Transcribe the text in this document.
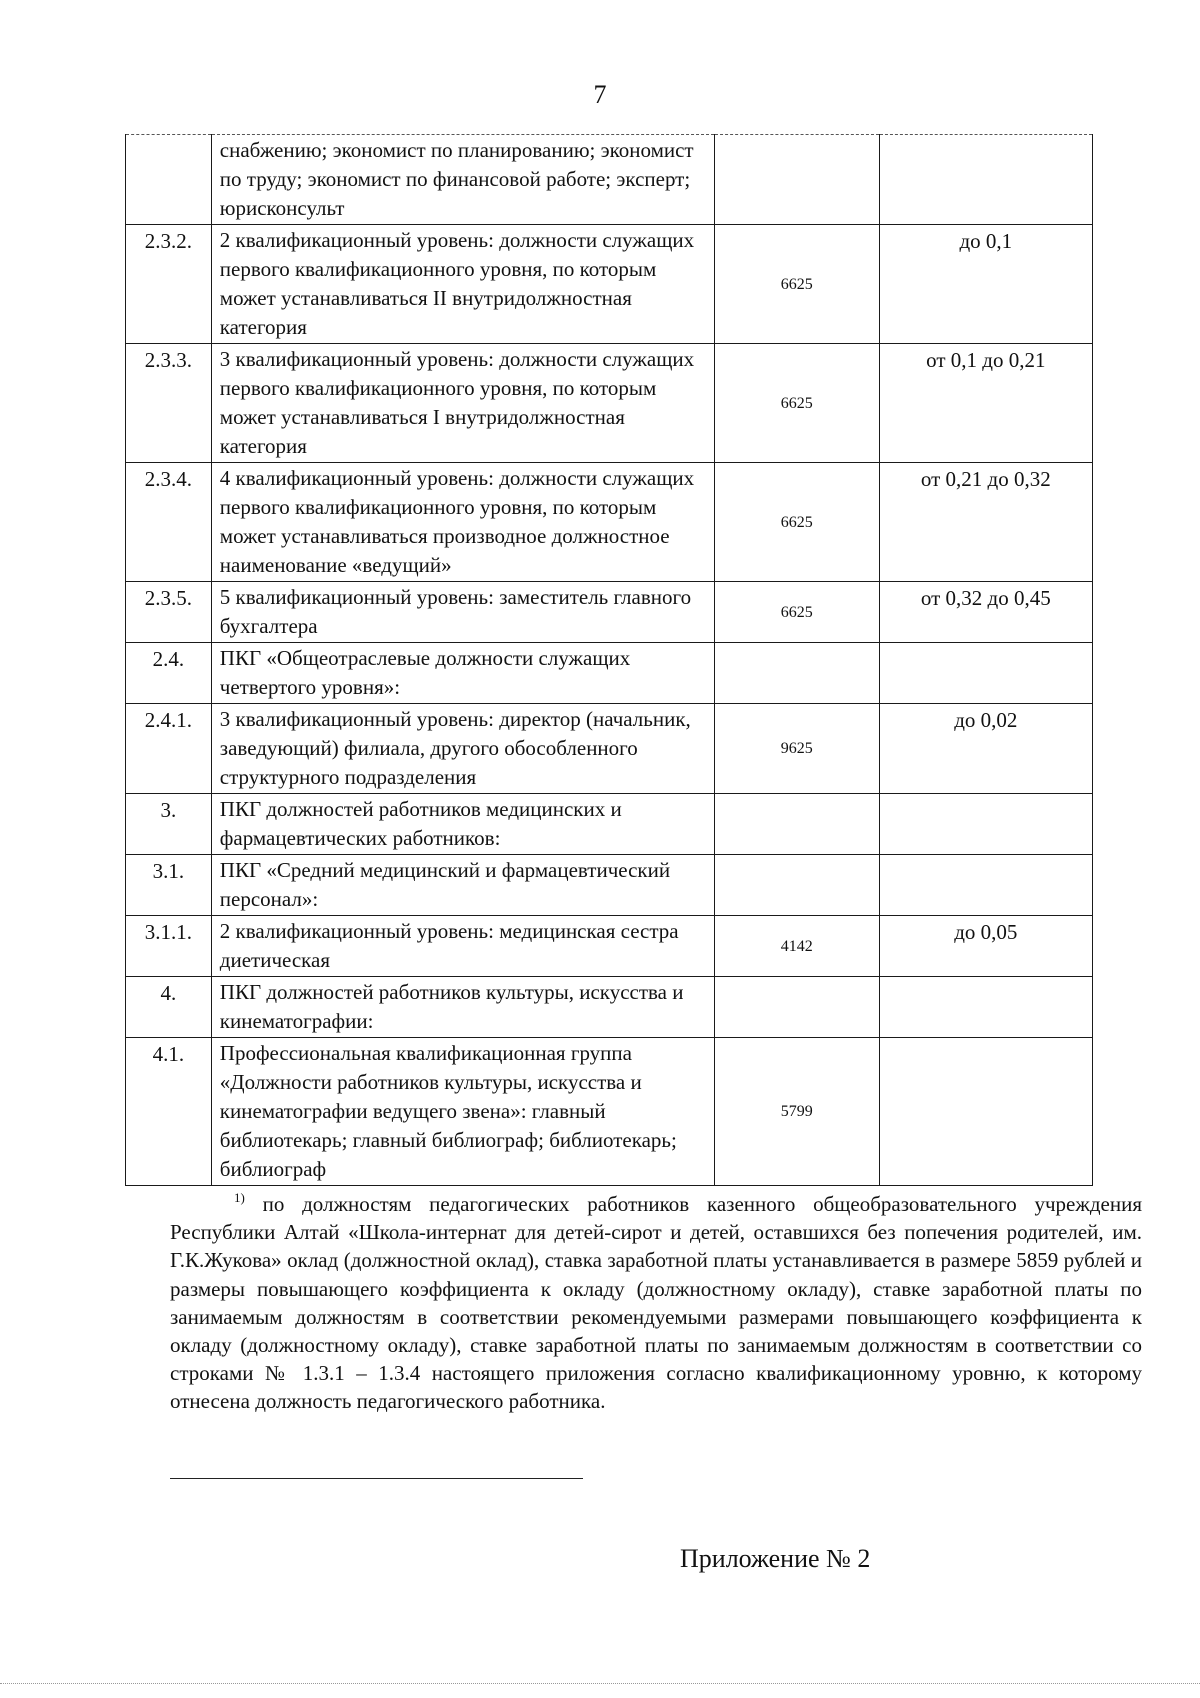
7
	снабжению; экономист по планированию; экономист по труду; экономист по финансовой работе; эксперт; юрисконсульт		
2.3.2.	2 квалификационный уровень: должности служащих первого квалификационного уровня, по которым может устанавливаться II внутридолжностная категория	6625	до 0,1
2.3.3.	3 квалификационный уровень: должности служащих первого квалификационного уровня, по которым может устанавливаться I внутридолжностная категория	6625	от 0,1 до 0,21
2.3.4.	4 квалификационный уровень: должности служащих первого квалификационного уровня, по которым может устанавливаться производное должностное наименование «ведущий»	6625	от 0,21 до 0,32
2.3.5.	5 квалификационный уровень: заместитель главного бухгалтера	6625	от 0,32 до 0,45
2.4.	ПКГ «Общеотраслевые должности служащих четвертого уровня»:		
2.4.1.	3 квалификационный уровень: директор (начальник, заведующий) филиала, другого обособленного структурного подразделения	9625	до 0,02
3.	ПКГ должностей работников медицинских и фармацевтических работников:		
3.1.	ПКГ «Средний медицинский и фармацевтический персонал»:		
3.1.1.	2 квалификационный уровень: медицинская сестра диетическая	4142	до 0,05
4.	ПКГ должностей работников культуры, искусства и кинематографии:		
4.1.	Профессиональная квалификационная группа «Должности работников культуры, искусства и кинематографии ведущего звена»: главный библиотекарь; главный библиограф; библиотекарь; библиограф	5799	
$^{1)}$ по должностям педагогических работников казенного общеобразовательного учреждения Республики Алтай «Школа-интернат для детей-сирот и детей, оставшихся без попечения родителей, им. Г.К.Жукова» оклад (должностной оклад), ставка заработной платы устанавливается в размере 5859 рублей и размеры повышающего коэффициента к окладу (должностному окладу), ставке заработной платы по занимаемым должностям в соответствии рекомендуемыми размерами повышающего коэффициента к окладу (должностному окладу), ставке заработной платы по занимаемым должностям в соответствии со строками № 1.3.1 – 1.3.4 настоящего приложения согласно квалификационному уровню, к которому отнесена должность педагогического работника.
Приложение № 2
